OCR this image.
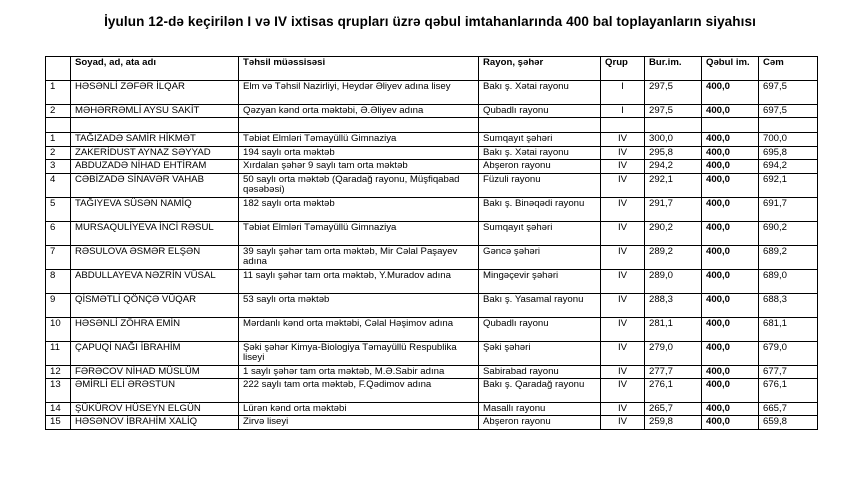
İyulun 12-də keçirilən I və IV ixtisas qrupları üzrə qəbul imtahanlarında 400 bal toplayanların siyahısı
	Soyad, ad, ata adı	Təhsil müəssisəsi	Rayon, şəhər	Qrup	Bur.im.	Qəbul im.	Cəm
1	HƏSƏNLİ ZƏFƏR İLQAR	Elm və Təhsil Nazirliyi, Heydər Əliyev adına lisey	Bakı ş. Xətai rayonu	I	297,5	400,0	697,5
2	MƏHƏRRƏMLİ AYSU SAKİT	Qəzyan kənd orta məktəbi, Ə.Əliyev adına	Qubadlı rayonu	I	297,5	400,0	697,5

1	TAĞIZADƏ SAMİR HİKMƏT	Təbiət Elmləri Təmayüllü Gimnaziya	Sumqayıt şəhəri	IV	300,0	400,0	700,0
2	ZAKERİDUST AYNAZ SƏYYAD	194 saylı orta məktəb	Bakı ş. Xətai rayonu	IV	295,8	400,0	695,8
3	ABDUZADƏ NİHAD EHTİRAM	Xırdalan şəhər 9 saylı tam orta məktəb	Abşeron rayonu	IV	294,2	400,0	694,2
4	CƏBİZADƏ SİNAVƏR VAHAB	50 saylı orta məktəb (Qaradağ rayonu, Müşfiqabad qəsəbəsi)	Füzuli rayonu	IV	292,1	400,0	692,1
5	TAĞIYEVA SÜSƏN NAMİQ	182 saylı orta məktəb	Bakı ş. Binəqədi rayonu	IV	291,7	400,0	691,7
6	MURSAQULİYEVA İNCİ RƏSUL	Təbiət Elmləri Təmayüllü Gimnaziya	Sumqayıt şəhəri	IV	290,2	400,0	690,2
7	RƏSULOVA ƏSMƏR ELŞƏN	39 saylı şəhər tam orta məktəb, Mir Cəlal Paşayev adına	Gəncə şəhəri	IV	289,2	400,0	689,2
8	ABDULLAYEVA NƏZRİN VÜSAL	11 saylı şəhər tam orta məktəb, Y.Muradov adına	Mingəçevir şəhəri	IV	289,0	400,0	689,0
9	QİSMƏTLİ QÖNÇƏ VÜQAR	53 saylı orta məktəb	Bakı ş. Yasamal rayonu	IV	288,3	400,0	688,3
10	HƏSƏNLİ ZÖHRA EMİN	Mərdanlı kənd orta məktəbi, Cəlal Həşimov adına	Qubadlı rayonu	IV	281,1	400,0	681,1
11	ÇAPUQİ NAĞI İBRAHİM	Şəki şəhər Kimya-Biologiya Təmayüllü Respublika liseyi	Şəki şəhəri	IV	279,0	400,0	679,0
12	FƏRƏCOV NİHAD MÜSLÜM	1 saylı şəhər tam orta məktəb, M.Ə.Sabir adına	Sabirabad rayonu	IV	277,7	400,0	677,7
13	ƏMİRLİ ELİ ƏRƏSTUN	222 saylı tam orta məktəb, F.Qədimov adına	Bakı ş. Qaradağ rayonu	IV	276,1	400,0	676,1
14	ŞÜKÜROV HÜSEYN ELGÜN	Lürən kənd orta məktəbi	Masallı rayonu	IV	265,7	400,0	665,7
15	HƏSƏNOV İBRAHİM XALİQ	Zirvə liseyi	Abşeron rayonu	IV	259,8	400,0	659,8
